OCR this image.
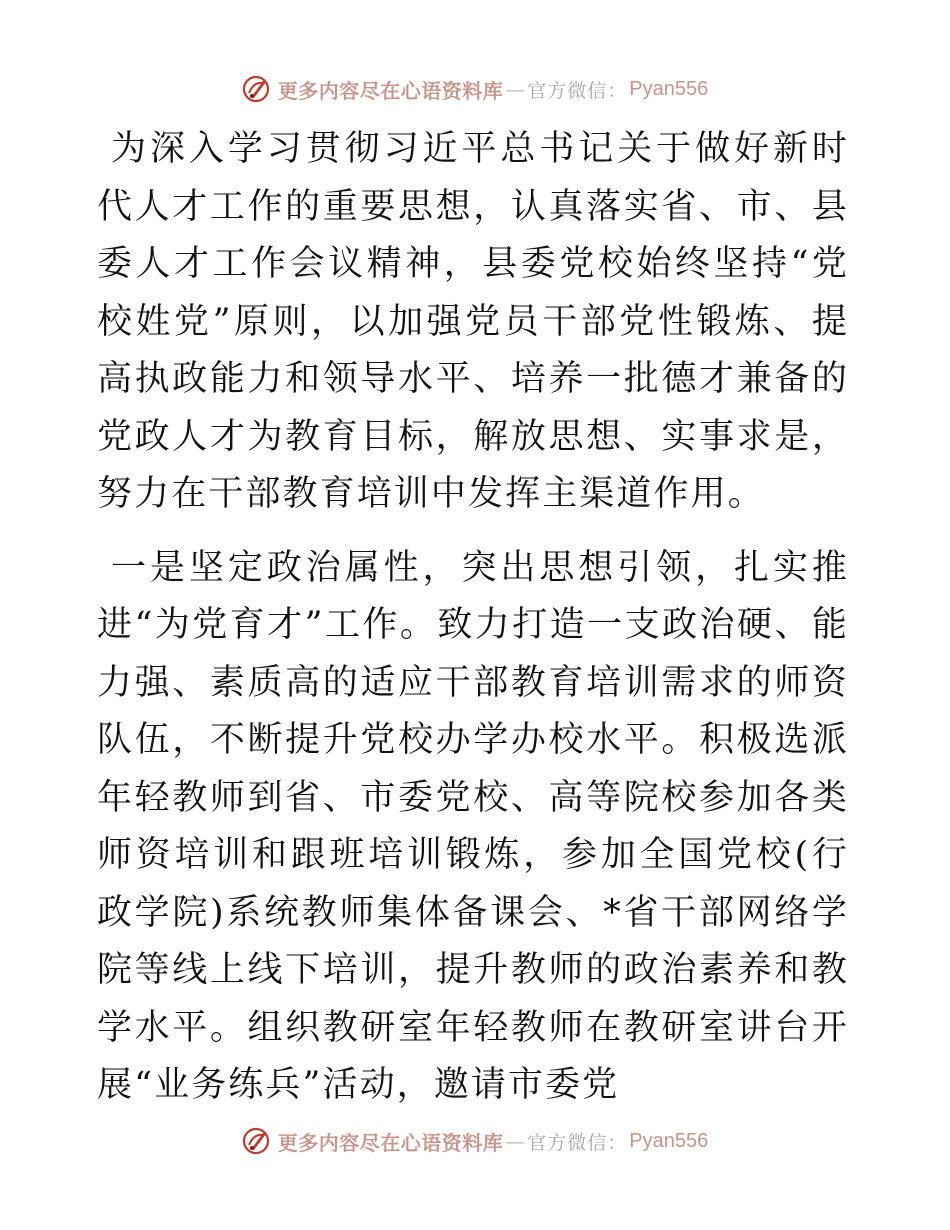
更多内容尽在心语资料库 — 官方微信： Pyan556

为深入学习贯彻习近平总书记关于做好新时代人才工作的重要思想，认真落实省、市、县委人才工作会议精神，县委党校始终坚持“党校姓党”原则，以加强党员干部党性锻炼、提高执政能力和领导水平、培养一批德才兼备的党政人才为教育目标，解放思想、实事求是，努力在干部教育培训中发挥主渠道作用。

一是坚定政治属性，突出思想引领，扎实推进“为党育才”工作。致力打造一支政治硬、能力强、素质高的适应干部教育培训需求的师资队伍，不断提升党校办学办校水平。积极选派年轻教师到省、市委党校、高等院校参加各类师资培训和跟班培训锻炼，参加全国党校(行政学院)系统教师集体备课会、*省干部网络学院等线上线下培训，提升教师的政治素养和教学水平。组织教研室年轻教师在教研室讲台开展“业务练兵”活动，邀请市委党

更多内容尽在心语资料库 — 官方微信： Pyan556
